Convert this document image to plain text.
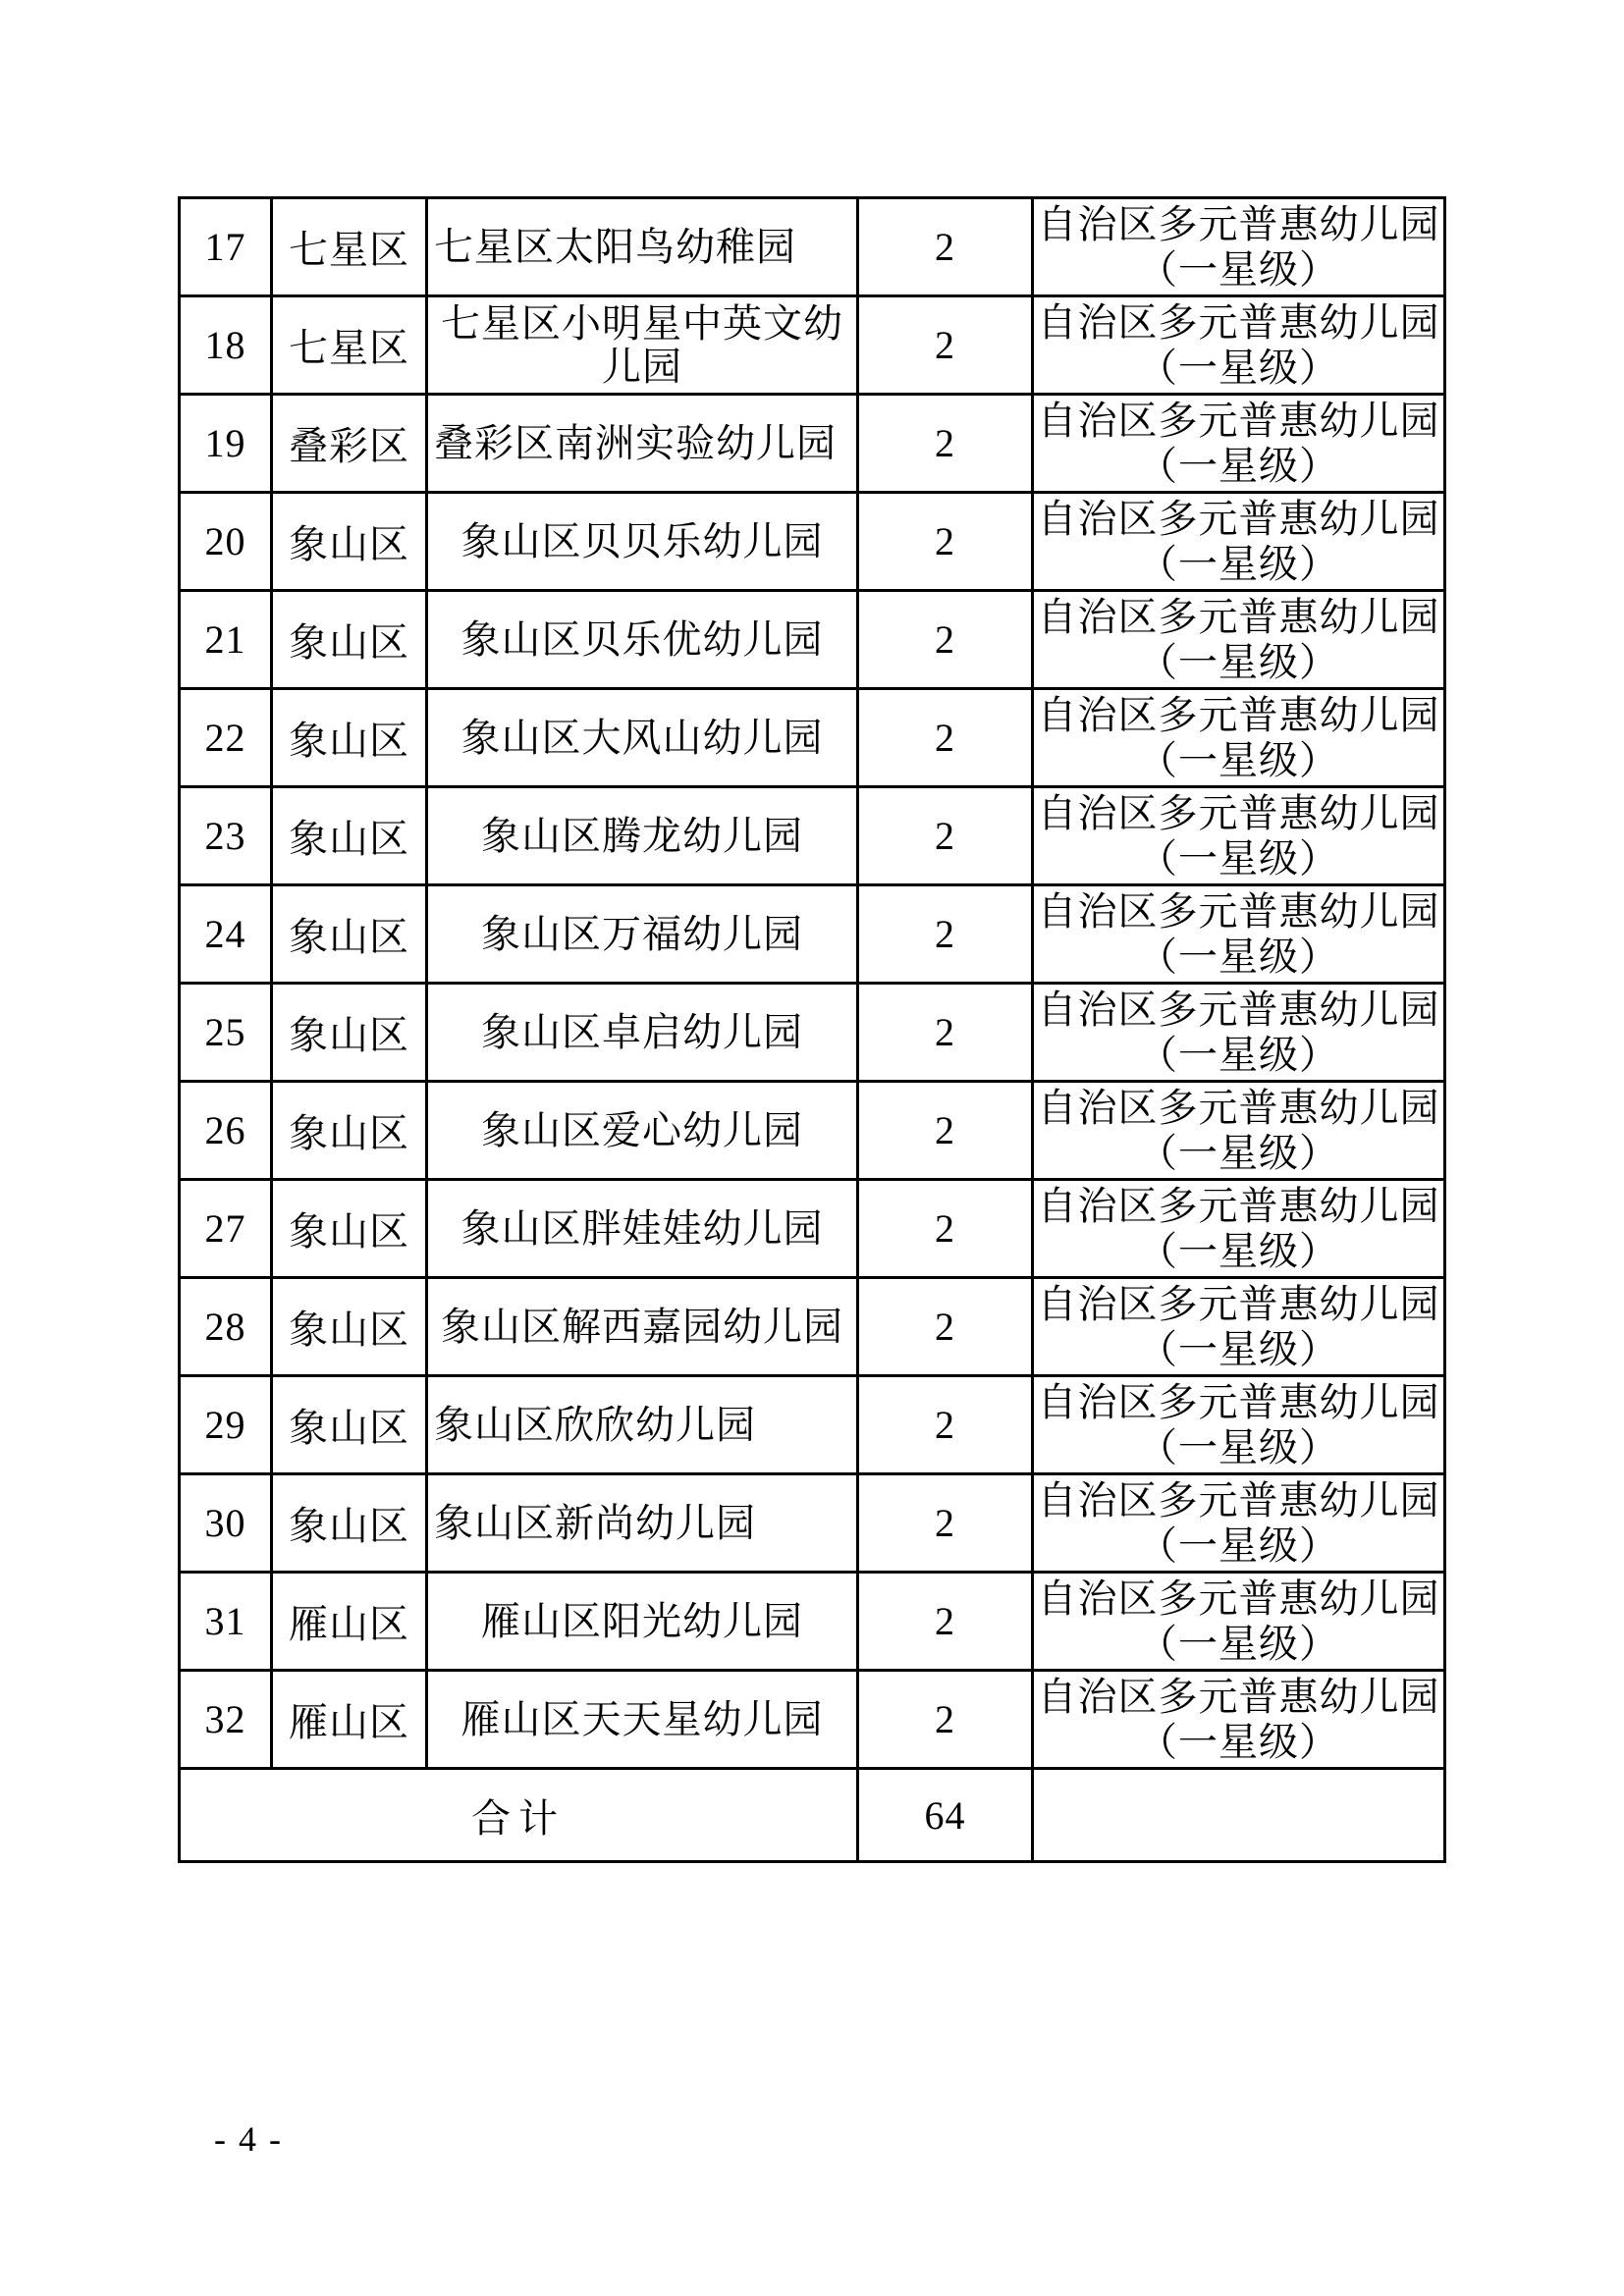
17	七星区	七星区太阳鸟幼稚园	2	自治区多元普惠幼儿园
（一星级）

18	七星区	七星区小明星中英文幼儿园	2	自治区多元普惠幼儿园
（一星级）

19	叠彩区	叠彩区南洲实验幼儿园	2	自治区多元普惠幼儿园
（一星级）

20	象山区	象山区贝贝乐幼儿园	2	自治区多元普惠幼儿园
（一星级）

21	象山区	象山区贝乐优幼儿园	2	自治区多元普惠幼儿园
（一星级）

22	象山区	象山区大风山幼儿园	2	自治区多元普惠幼儿园
（一星级）

23	象山区	象山区腾龙幼儿园	2	自治区多元普惠幼儿园
（一星级）

24	象山区	象山区万福幼儿园	2	自治区多元普惠幼儿园
（一星级）

25	象山区	象山区卓启幼儿园	2	自治区多元普惠幼儿园
（一星级）

26	象山区	象山区爱心幼儿园	2	自治区多元普惠幼儿园
（一星级）

27	象山区	象山区胖娃娃幼儿园	2	自治区多元普惠幼儿园
（一星级）

28	象山区	象山区解西嘉园幼儿园	2	自治区多元普惠幼儿园
（一星级）

29	象山区	象山区欣欣幼儿园	2	自治区多元普惠幼儿园
（一星级）

30	象山区	象山区新尚幼儿园	2	自治区多元普惠幼儿园
（一星级）

31	雁山区	雁山区阳光幼儿园	2	自治区多元普惠幼儿园
（一星级）

32	雁山区	雁山区天天星幼儿园	2	自治区多元普惠幼儿园
（一星级）

合计			64	
- 4 -
